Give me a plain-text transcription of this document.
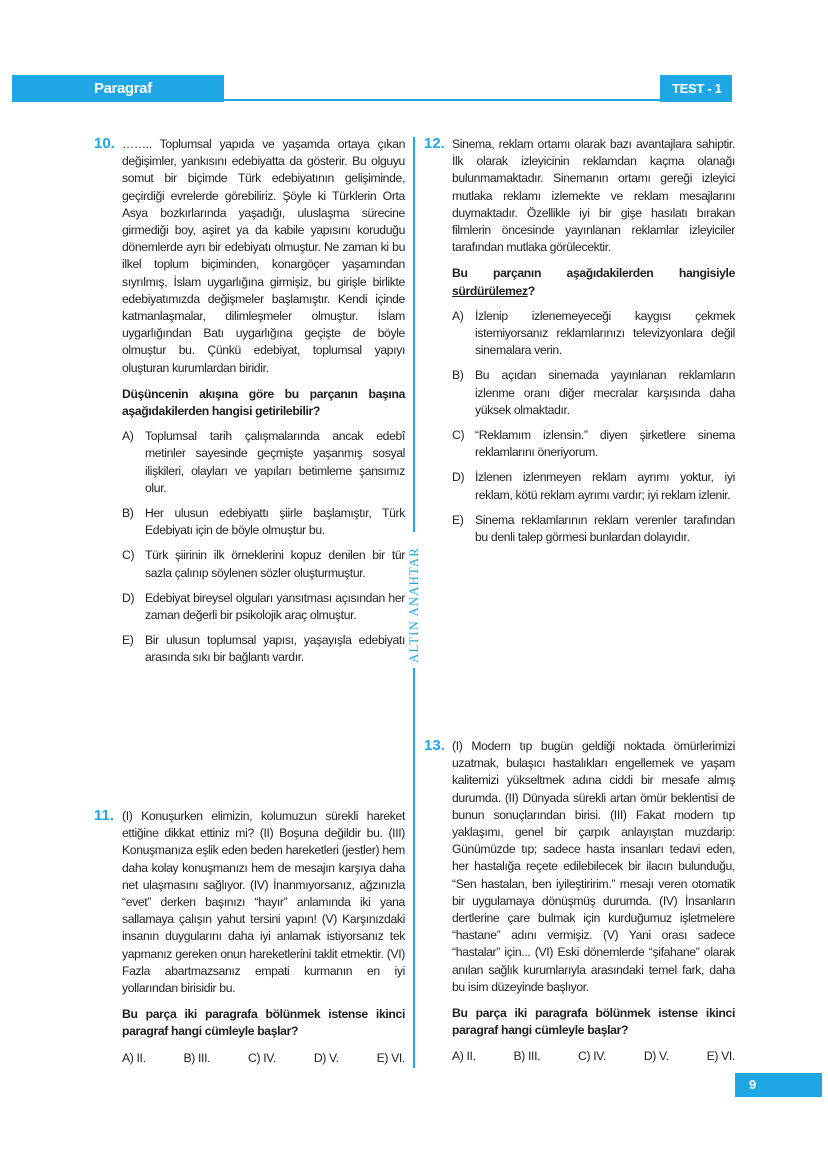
Paragraf	TEST - 1
ALTIN ANAHTAR
10. …….. Toplumsal yapıda ve yaşamda ortaya çıkan değişimler, yankısını edebiyatta da gösterir. Bu olguyu somut bir biçimde Türk edebiyatının gelişiminde, geçirdiği evrelerde görebiliriz. Şöyle ki Türklerin Orta Asya bozkırlarında yaşadığı, uluslaşma sürecine girmediği boy, aşiret ya da kabile yapısını koruduğu dönemlerde ayrı bir edebiyatı olmuştur. Ne zaman ki bu ilkel toplum biçiminden, konargöçer yaşamından sıyrılmış, İslam uygarlığına girmişiz, bu girişle birlikte edebiyatımızda değişmeler başlamıştır. Kendi içinde katmanlaşmalar, dilimleşmeler olmuştur. İslam uygarlığından Batı uygarlığına geçişte de böyle olmuştur bu. Çünkü edebiyat, toplumsal yapıyı oluşturan kurumlardan biridir.

Düşüncenin akışına göre bu parçanın başına aşağıdakilerden hangisi getirilebilir?

A) Toplumsal tarih çalışmalarında ancak edebî metinler sayesinde geçmişte yaşanmış sosyal ilişkileri, olayları ve yapıları betimleme şansımız olur.
B) Her ulusun edebiyattı şiirle başlamıştır, Türk Edebiyatı için de böyle olmuştur bu.
C) Türk şiirinin ilk örneklerini kopuz denilen bir tür sazla çalınıp söylenen sözler oluşturmuştur.
D) Edebiyat bireysel olguları yansıtması açısından her zaman değerli bir psikolojik araç olmuştur.
E) Bir ulusun toplumsal yapısı, yaşayışla edebiyatı arasında sıkı bir bağlantı vardır.
11. (I) Konuşurken elimizin, kolumuzun sürekli hareket ettiğine dikkat ettiniz mi? (II) Boşuna değildir bu. (III) Konuşmanıza eşlik eden beden hareketleri (jestler) hem daha kolay konuşmanızı hem de mesajın karşıya daha net ulaşmasını sağlıyor. (IV) İnanmıyorsanız, ağzınızla “evet” derken başınızı “hayır” anlamında iki yana sallamaya çalışın yahut tersini yapın! (V) Karşınızdaki insanın duygularını daha iyi anlamak istiyorsanız tek yapmanız gereken onun hareketlerini taklit etmektir. (VI) Fazla abartmazsanız empati kurmanın en iyi yollarından birisidir bu.

Bu parça iki paragrafa bölünmek istense ikinci paragraf hangi cümleyle başlar?

A) II.	B) III.	C) IV.	D) V.	E) VI.
12. Sinema, reklam ortamı olarak bazı avantajlara sahiptir. İlk olarak izleyicinin reklamdan kaçma olanağı bulunmamaktadır. Sinemanın ortamı gereği izleyici mutlaka reklamı izlemekte ve reklam mesajlarını duymaktadır. Özellikle iyi bir gişe hasılatı bırakan filmlerin öncesinde yayınlanan reklamlar izleyiciler tarafından mutlaka görülecektir.

Bu parçanın aşağıdakilerden hangisiyle sürdürülemez?

A) İzlenip izlenemeyeceği kaygısı çekmek istemiyorsanız reklamlarınızı televizyonlara değil sinemalara verin.
B) Bu açıdan sinemada yayınlanan reklamların izlenme oranı diğer mecralar karşısında daha yüksek olmaktadır.
C) “Reklamım izlensin.” diyen şirketlere sinema reklamlarını öneriyorum.
D) İzlenen izlenmeyen reklam ayrımı yoktur, iyi reklam, kötü reklam ayrımı vardır; iyi reklam izlenir.
E) Sinema reklamlarının reklam verenler tarafından bu denli talep görmesi bunlardan dolayıdır.
13. (I) Modern tıp bugün geldiği noktada ömürlerimizi uzatmak, bulaşıcı hastalıkları engellemek ve yaşam kalitemizi yükseltmek adına ciddi bir mesafe almış durumda. (II) Dünyada sürekli artan ömür beklentisi de bunun sonuçlarından birisi. (III) Fakat modern tıp yaklaşımı, genel bir çarpık anlayıştan muzdarip: Günümüzde tıp; sadece hasta insanları tedavi eden, her hastalığa reçete edilebilecek bir ilacın bulunduğu, “Sen hastalan, ben iyileştiririm.” mesajı veren otomatik bir uygulamaya dönüşmüş durumda. (IV) İnsanların dertlerine çare bulmak için kurduğumuz işletmelere “hastane” adını vermişiz. (V) Yani orası sadece “hastalar” için... (VI) Eski dönemlerde “şifahane” olarak anılan sağlık kurumlarıyla arasındaki temel fark, daha bu isim düzeyinde başlıyor.

Bu parça iki paragrafa bölünmek istense ikinci paragraf hangi cümleyle başlar?

A) II.	B) III.	C) IV.	D) V.	E) VI.
9
